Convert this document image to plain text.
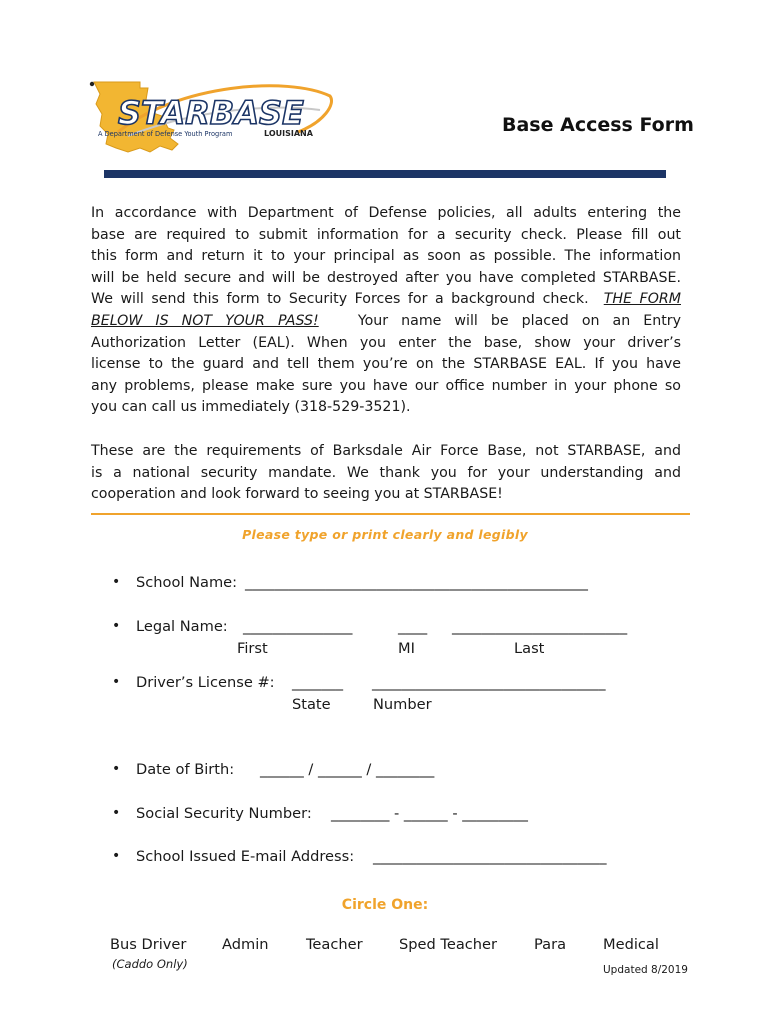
STARBASE
A Department of Defense Youth Program	LOUISIANA	Base Access Form
In accordance with Department of Defense policies, all adults entering the
base are required to submit information for a security check. Please fill out
this form and return it to your principal as soon as possible. The information
will be held secure and will be destroyed after you have completed STARBASE.
We will send this form to Security Forces for a background check. THE FORM
BELOW IS NOT YOUR PASS!	Your name will be placed on an Entry
Authorization Letter (EAL). When you enter the base, show your driver’s
license to the guard and tell them you’re on the STARBASE EAL. If you have
any problems, please make sure you have our office number in your phone so
you can call us immediately (318-529-3521).
These are the requirements of Barksdale Air Force Base, not STARBASE, and
is a national security mandate. We thank you for your understanding and
cooperation and look forward to seeing you at STARBASE!
Please type or print clearly and legibly
• School Name: _______________________________________________
• Legal Name: _______________	____ ________________________
First	MI	Last
• Driver’s License #: _______ ________________________________
State	Number
• Date of Birth: ______ / ______ / ________
• Social Security Number: ________ - ______ - _________
• School Issued E-mail Address: ________________________________
Circle One:
Bus Driver Admin	Teacher Sped Teacher	Para	Medical
(Caddo Only)	Updated 8/2019
